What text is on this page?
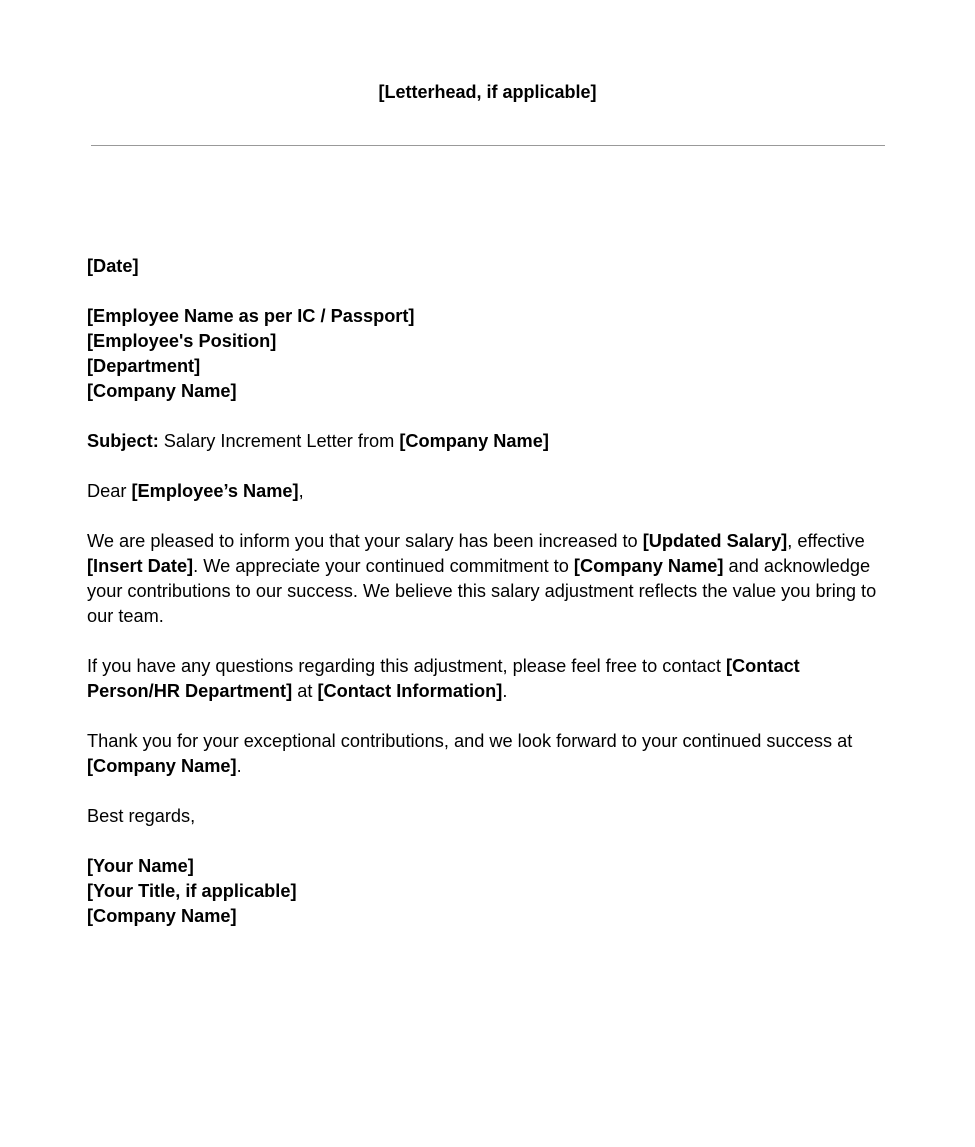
[Letterhead, if applicable]

[Date]

[Employee Name as per IC / Passport]
[Employee's Position]
[Department]
[Company Name]

Subject: Salary Increment Letter from [Company Name]

Dear [Employee’s Name],

We are pleased to inform you that your salary has been increased to [Updated Salary], effective [Insert Date]. We appreciate your continued commitment to [Company Name] and acknowledge your contributions to our success. We believe this salary adjustment reflects the value you bring to our team.

If you have any questions regarding this adjustment, please feel free to contact [Contact Person/HR Department] at [Contact Information].

Thank you for your exceptional contributions, and we look forward to your continued success at [Company Name].

Best regards,

[Your Name]
[Your Title, if applicable]
[Company Name]
